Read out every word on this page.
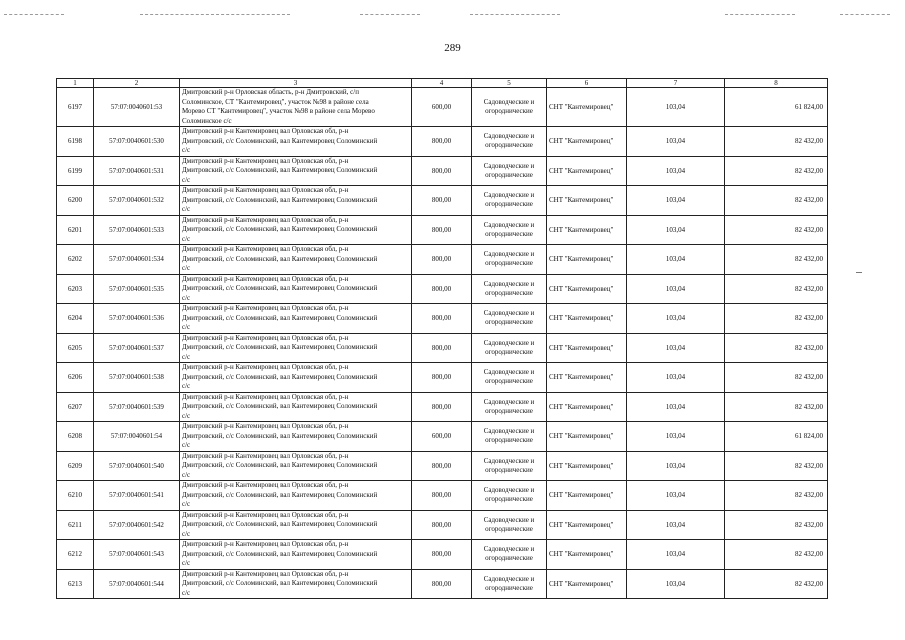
289
1	2	3	4	5	6	7	8
6197	57:07:0040601:53	Дмитровский р-н Орловская область, р-н Дмитровский, с/п
Соломинское, СТ "Кантемировец", участок №98 в районе села
Морево СТ "Кантемировец", участок №98 в районе села Морево
Соломинское с/с	600,00	Садоводческие и огороднические	СНТ "Кантемировец"	103,04	61 824,00
6198	57:07:0040601:530	Дмитровский р-н Кантемировец вал Орловская обл, р-н
Дмитровский, с/с Соломинский, вал Кантемировец Соломинский
с/с	800,00	Садоводческие и огороднические	СНТ "Кантемировец"	103,04	82 432,00
6199	57:07:0040601:531	Дмитровский р-н Кантемировец вал Орловская обл, р-н
Дмитровский, с/с Соломинский, вал Кантемировец Соломинский
с/с	800,00	Садоводческие и огороднические	СНТ "Кантемировец"	103,04	82 432,00
6200	57:07:0040601:532	Дмитровский р-н Кантемировец вал Орловская обл, р-н
Дмитровский, с/с Соломинский, вал Кантемировец Соломинский
с/с	800,00	Садоводческие и огороднические	СНТ "Кантемировец"	103,04	82 432,00
6201	57:07:0040601:533	Дмитровский р-н Кантемировец вал Орловская обл, р-н
Дмитровский, с/с Соломинский, вал Кантемировец Соломинский
с/с	800,00	Садоводческие и огороднические	СНТ "Кантемировец"	103,04	82 432,00
6202	57:07:0040601:534	Дмитровский р-н Кантемировец вал Орловская обл, р-н
Дмитровский, с/с Соломинский, вал Кантемировец Соломинский
с/с	800,00	Садоводческие и огороднические	СНТ "Кантемировец"	103,04	82 432,00
6203	57:07:0040601:535	Дмитровский р-н Кантемировец вал Орловская обл, р-н
Дмитровский, с/с Соломинский, вал Кантемировец Соломинский
с/с	800,00	Садоводческие и огороднические	СНТ "Кантемировец"	103,04	82 432,00
6204	57:07:0040601:536	Дмитровский р-н Кантемировец вал Орловская обл, р-н
Дмитровский, с/с Соломинский, вал Кантемировец Соломинский
с/с	800,00	Садоводческие и огороднические	СНТ "Кантемировец"	103,04	82 432,00
6205	57:07:0040601:537	Дмитровский р-н Кантемировец вал Орловская обл, р-н
Дмитровский, с/с Соломинский, вал Кантемировец Соломинский
с/с	800,00	Садоводческие и огороднические	СНТ "Кантемировец"	103,04	82 432,00
6206	57:07:0040601:538	Дмитровский р-н Кантемировец вал Орловская обл, р-н
Дмитровский, с/с Соломинский, вал Кантемировец Соломинский
с/с	800,00	Садоводческие и огороднические	СНТ "Кантемировец"	103,04	82 432,00
6207	57:07:0040601:539	Дмитровский р-н Кантемировец вал Орловская обл, р-н
Дмитровский, с/с Соломинский, вал Кантемировец Соломинский
с/с	800,00	Садоводческие и огороднические	СНТ "Кантемировец"	103,04	82 432,00
6208	57:07:0040601:54	Дмитровский р-н Кантемировец вал Орловская обл, р-н
Дмитровский, с/с Соломинский, вал Кантемировец Соломинский
с/с	600,00	Садоводческие и огороднические	СНТ "Кантемировец"	103,04	61 824,00
6209	57:07:0040601:540	Дмитровский р-н Кантемировец вал Орловская обл, р-н
Дмитровский, с/с Соломинский, вал Кантемировец Соломинский
с/с	800,00	Садоводческие и огороднические	СНТ "Кантемировец"	103,04	82 432,00
6210	57:07:0040601:541	Дмитровский р-н Кантемировец вал Орловская обл, р-н
Дмитровский, с/с Соломинский, вал Кантемировец Соломинский
с/с	800,00	Садоводческие и огороднические	СНТ "Кантемировец"	103,04	82 432,00
6211	57:07:0040601:542	Дмитровский р-н Кантемировец вал Орловская обл, р-н
Дмитровский, с/с Соломинский, вал Кантемировец Соломинский
с/с	800,00	Садоводческие и огороднические	СНТ "Кантемировец"	103,04	82 432,00
6212	57:07:0040601:543	Дмитровский р-н Кантемировец вал Орловская обл, р-н
Дмитровский, с/с Соломинский, вал Кантемировец Соломинский
с/с	800,00	Садоводческие и огороднические	СНТ "Кантемировец"	103,04	82 432,00
6213	57:07:0040601:544	Дмитровский р-н Кантемировец вал Орловская обл, р-н
Дмитровский, с/с Соломинский, вал Кантемировец Соломинский
с/с	800,00	Садоводческие и огороднические	СНТ "Кантемировец"	103,04	82 432,00
